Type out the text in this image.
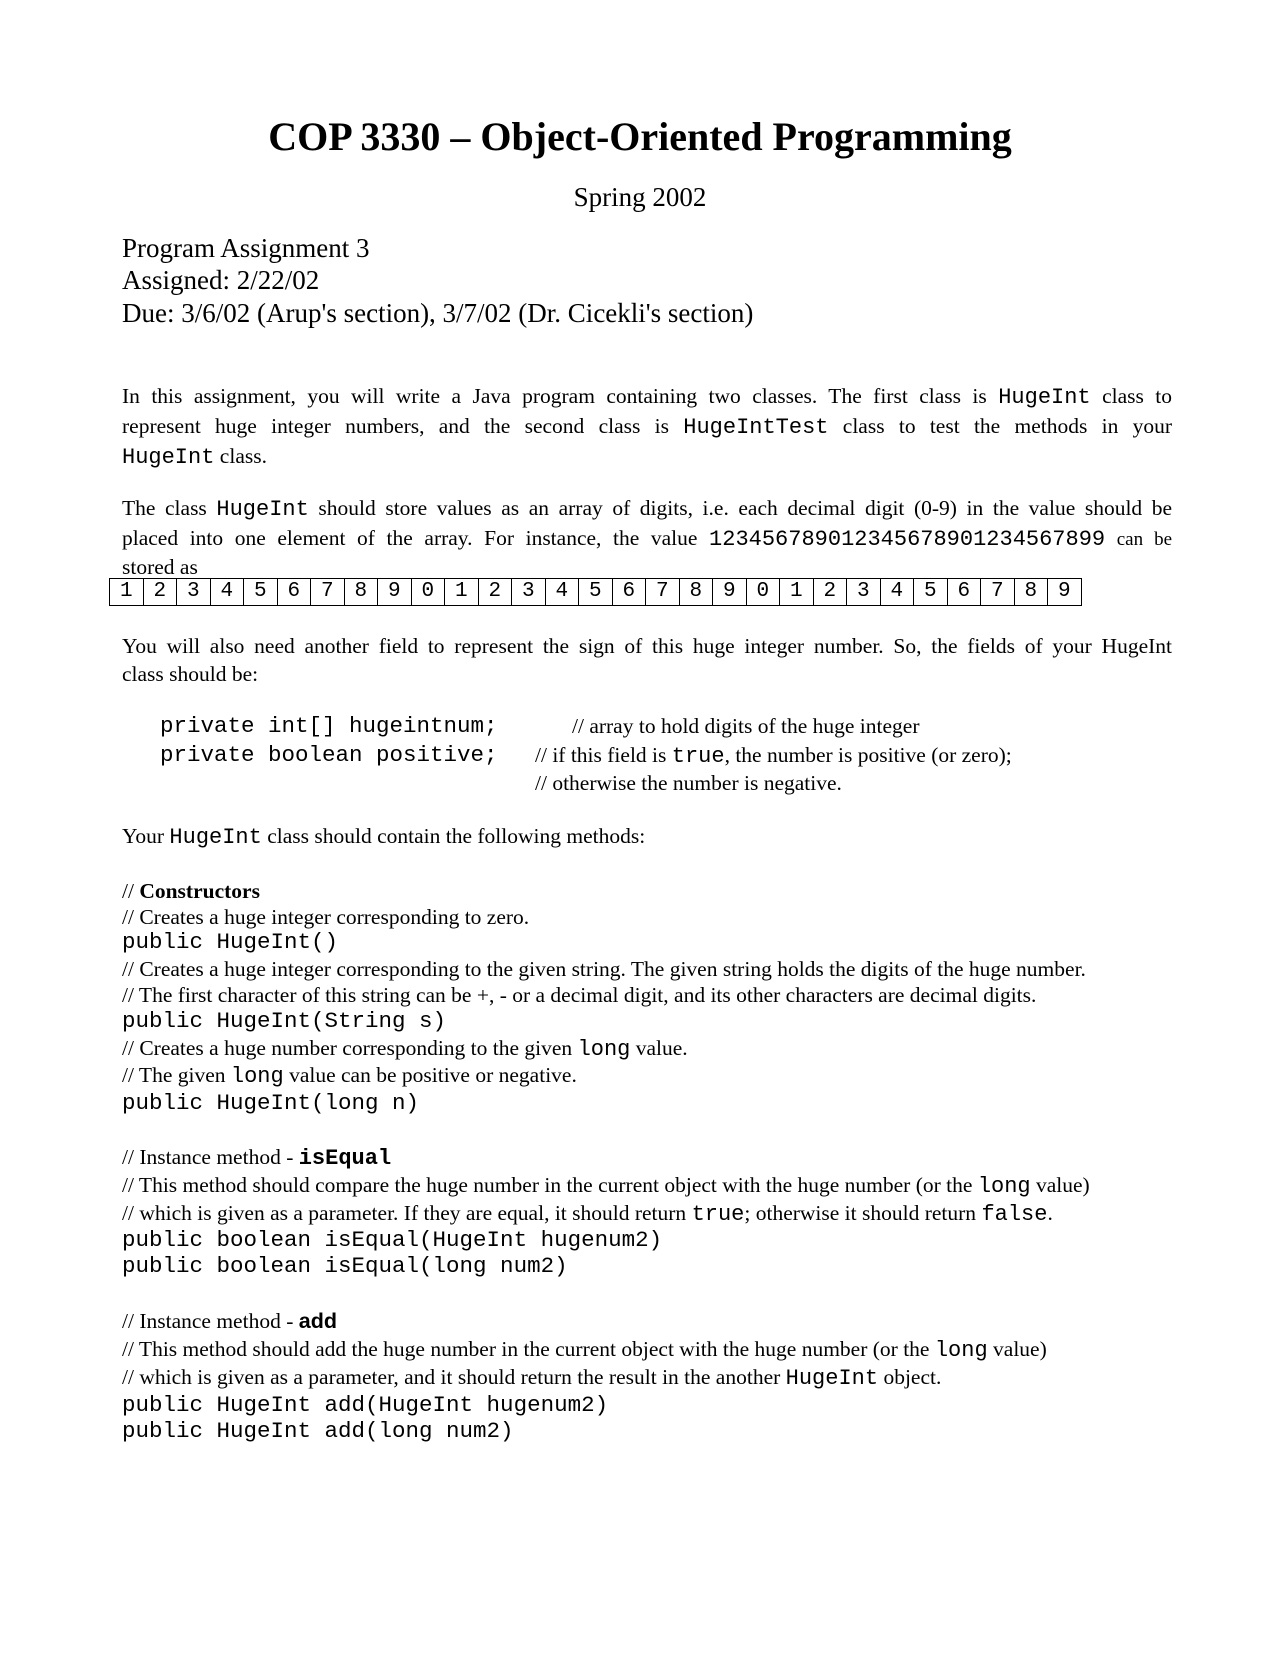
COP 3330 – Object-Oriented Programming
Spring 2002
Program Assignment 3
Assigned: 2/22/02
Due: 3/6/02 (Arup's section), 3/7/02 (Dr. Cicekli's section)
In this assignment, you will write a Java program containing two classes. The first class is HugeInt class to
represent huge integer numbers, and the second class is HugeIntTest class to test the methods in your
HugeInt class.
The class HugeInt should store values as an array of digits, i.e. each decimal digit (0-9) in the value should be
placed into one element of the array. For instance, the value 123456789012345678901234567899 can be
stored as
1 2 3 4 5 6 7 8 9 0 1 2 3 4 5 6 7 8 9 0 1 2 3 4 5 6 7 8 9
You will also need another field to represent the sign of this huge integer number. So, the fields of your HugeInt
class should be:
private int[] hugeintnum;	// array to hold digits of the huge integer
private boolean positive; // if this field is true, the number is positive (or zero);
// otherwise the number is negative.
Your HugeInt class should contain the following methods:
// Constructors
// Creates a huge integer corresponding to zero.
public HugeInt()
// Creates a huge integer corresponding to the given string. The given string holds the digits of the huge number.
// The first character of this string can be +, - or a decimal digit, and its other characters are decimal digits.
public HugeInt(String s)
// Creates a huge number corresponding to the given long value.
// The given long value can be positive or negative.
public HugeInt(long n)
// Instance method - isEqual
// This method should compare the huge number in the current object with the huge number (or the long value)
// which is given as a parameter. If they are equal, it should return true; otherwise it should return false.
public boolean isEqual(HugeInt hugenum2)
public boolean isEqual(long num2)
// Instance method - add
// This method should add the huge number in the current object with the huge number (or the long value)
// which is given as a parameter, and it should return the result in the another HugeInt object.
public HugeInt add(HugeInt hugenum2)
public HugeInt add(long num2)
